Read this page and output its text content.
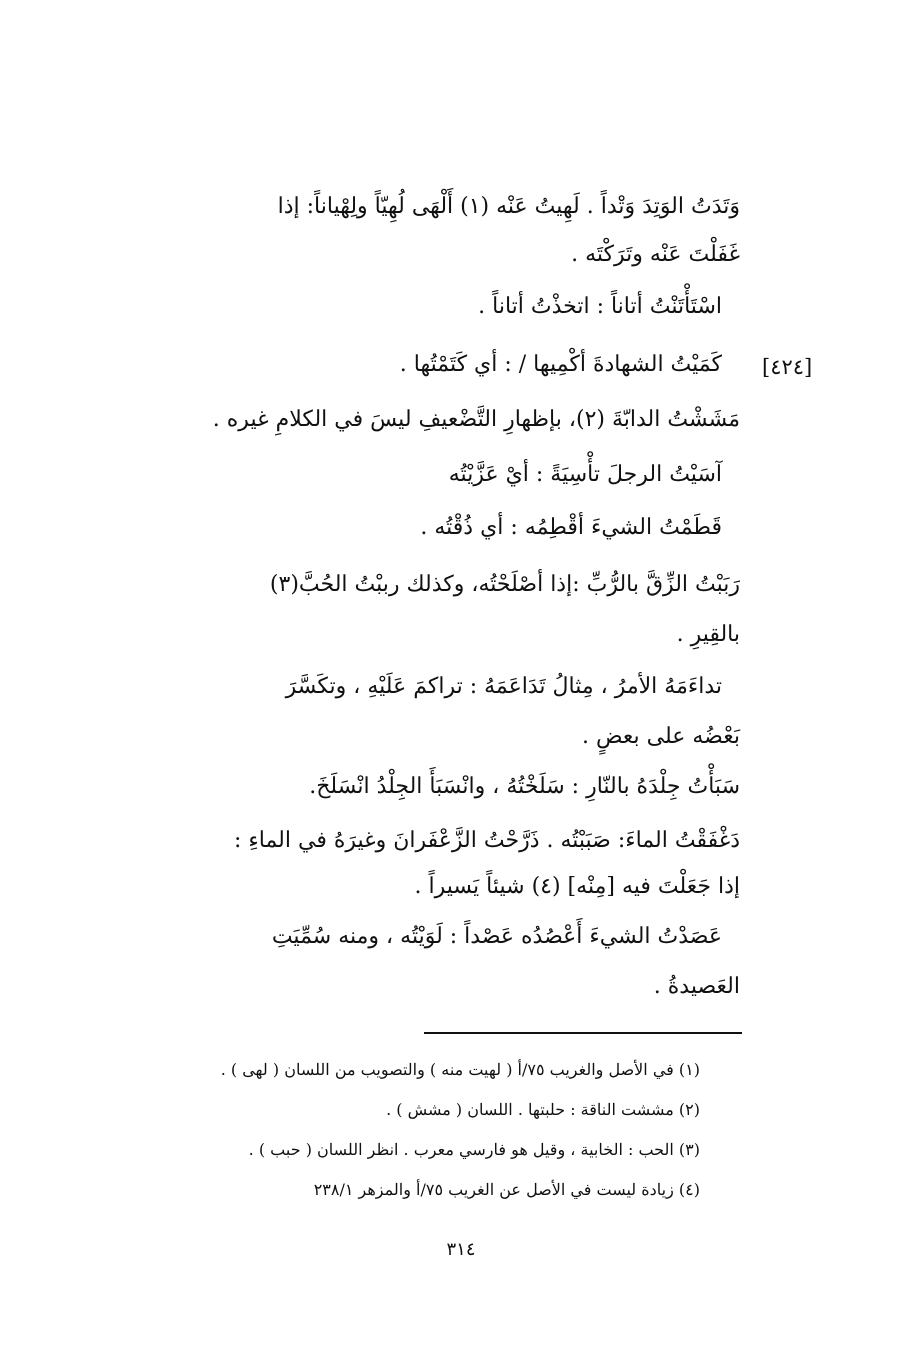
وَتَدَتُ الوَتِدَ وَتْداً . لَهِيتُ عَنْه (١) أَلْهَى لُهِيّاً ولِهْياناً: إذا
غَفَلْتَ عَنْه وتَرَكْتَه .
اسْتَأْتَنْتُ أتاناً : اتخذْتُ أتاناً .
[٤٢٤]
كَمَيْتُ الشهادةَ أكْمِيها / : أي كَتَمْتُها .
مَشَشْتُ الدابّةَ (٢)، بإظهارِ التَّضْعيفِ ليسَ في الكلامِ غيره .
آسَيْتُ الرجلَ تأْسِيَةً : أيْ عَزَّيْتُه
قَطَمْتُ الشيءَ أقْطِمُه : أي ذُقْتُه .
رَبَبْتُ الزِّقَّ بالرُّبِّ :إذا أصْلَحْتُه، وكذلك رببْتُ الحُبَّ(٣)
بالقِيرِ .
تداءَمَهُ الأمرُ ، مِثالُ تَدَاعَمَهُ : تراكمَ عَلَيْهِ ، وتكَسَّرَ
بَعْضُه على بعضٍ .
سَبَأْتُ جِلْدَهُ بالنّارِ : سَلَخْتُهُ ، وانْسَبَأَ الجِلْدُ انْسَلَخَ.
دَغْفَقْتُ الماءَ: صَبَبْتُه . ذَرَّحْتُ الزَّعْفَرانَ وغيرَهُ في الماءِ :
إذا جَعَلْتَ فيه [مِنْه] (٤) شيئاً يَسيراً .
عَصَدْتُ الشيءَ أَعْصُدُه عَصْداً : لَوَيْتُه ، ومنه سُمِّيَتِ
العَصيدةُ .
(١) في الأصل والغريب ٧٥/أ ( لهيت منه ) والتصويب من اللسان ( لهى ) .
(٢) مششت الناقة : حلبتها . اللسان ( مشش ) .
(٣) الحب : الخابية ، وقيل هو فارسي معرب . انظر اللسان ( حبب ) .
(٤) زيادة ليست في الأصل عن الغريب ٧٥/أ والمزهر ٢٣٨/١
٣١٤
